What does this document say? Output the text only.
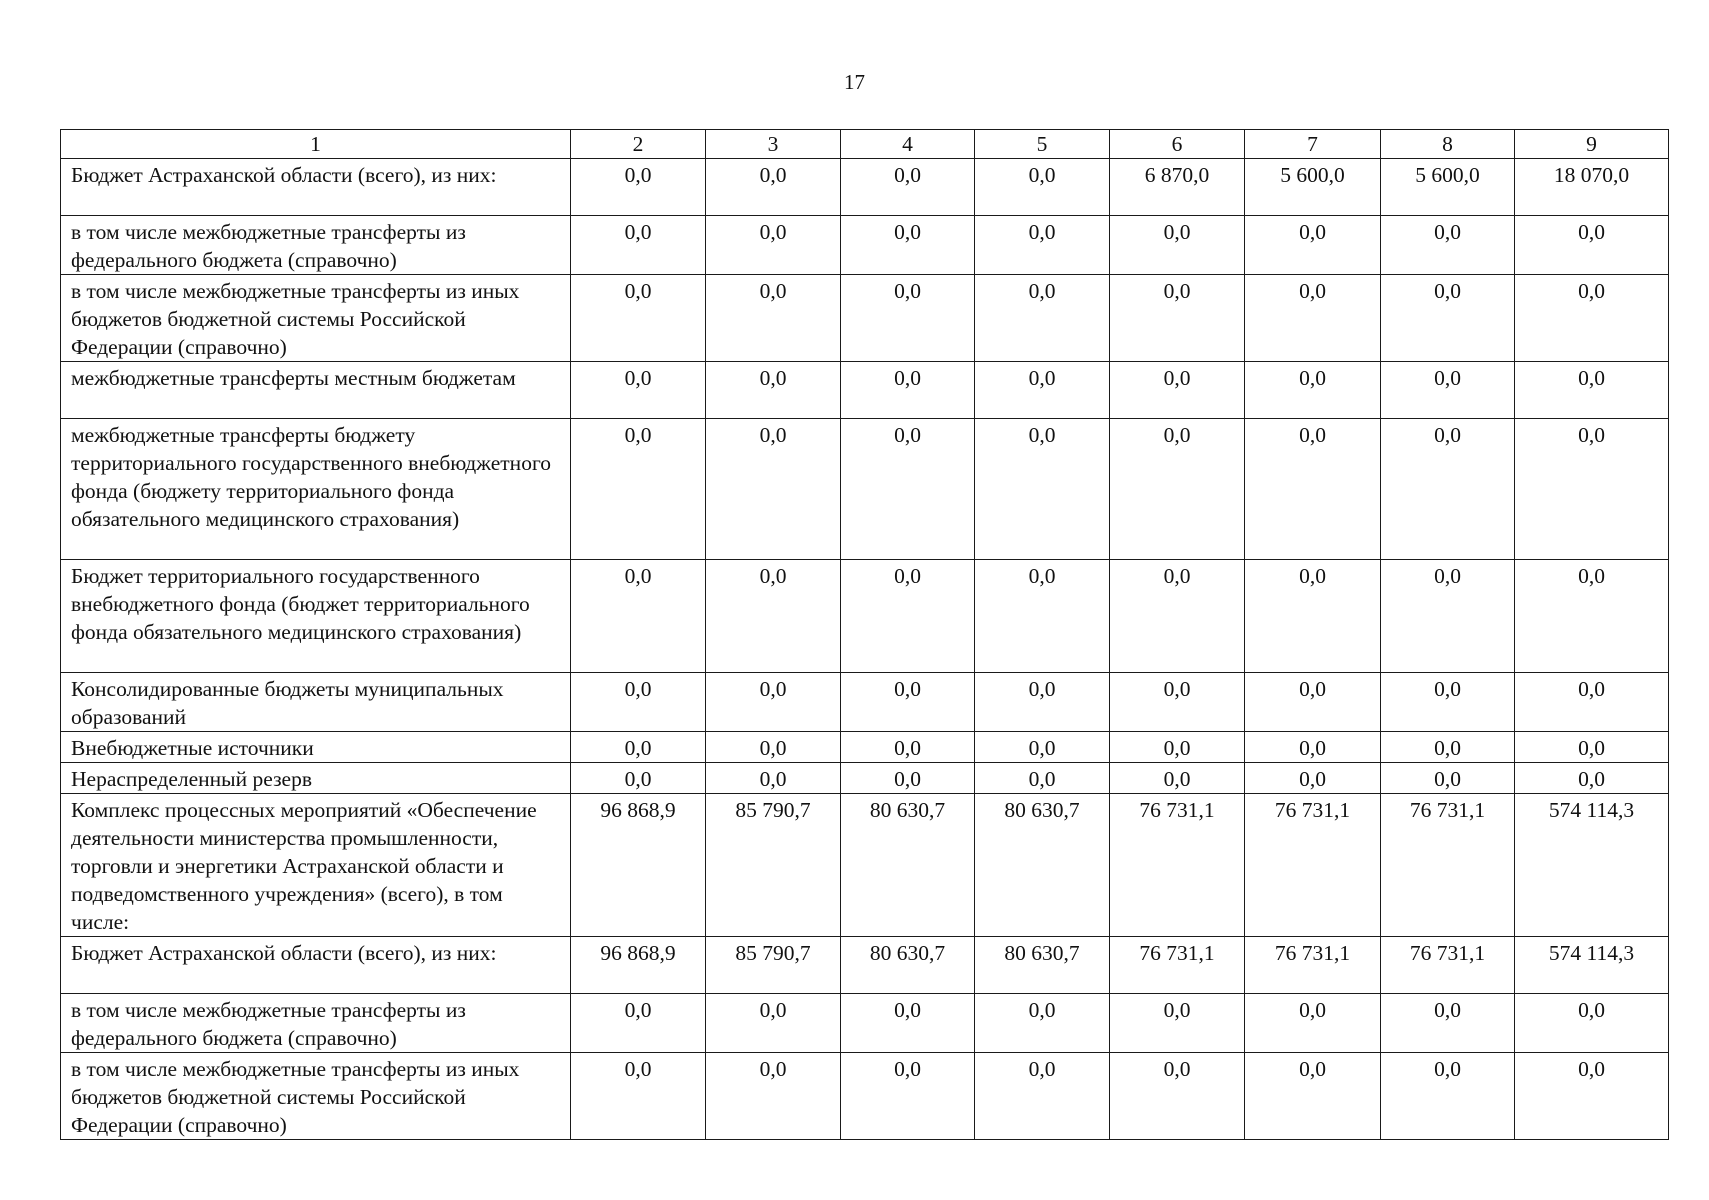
17
1	2	3	4	5	6	7	8	9
Бюджет Астраханской области (всего), из них:	0,0	0,0	0,0	0,0	6 870,0	5 600,0	5 600,0	18 070,0
в том числе межбюджетные трансферты из федерального бюджета (справочно)	0,0	0,0	0,0	0,0	0,0	0,0	0,0	0,0
в том числе межбюджетные трансферты из иных бюджетов бюджетной системы Российской Федерации (справочно)	0,0	0,0	0,0	0,0	0,0	0,0	0,0	0,0
межбюджетные трансферты местным бюджетам	0,0	0,0	0,0	0,0	0,0	0,0	0,0	0,0
межбюджетные трансферты бюджету территориального государственного внебюджетного фонда (бюджету территориального фонда обязательного медицинского страхования)	0,0	0,0	0,0	0,0	0,0	0,0	0,0	0,0
Бюджет территориального государственного внебюджетного фонда (бюджет территориального фонда обязательного медицинского страхования)	0,0	0,0	0,0	0,0	0,0	0,0	0,0	0,0
Консолидированные бюджеты муниципальных образований	0,0	0,0	0,0	0,0	0,0	0,0	0,0	0,0
Внебюджетные источники	0,0	0,0	0,0	0,0	0,0	0,0	0,0	0,0
Нераспределенный резерв	0,0	0,0	0,0	0,0	0,0	0,0	0,0	0,0
Комплекс процессных мероприятий «Обеспечение деятельности министерства промышленности, торговли и энергетики Астраханской области и подведомственного учреждения» (всего), в том числе:	96 868,9	85 790,7	80 630,7	80 630,7	76 731,1	76 731,1	76 731,1	574 114,3
Бюджет Астраханской области (всего), из них:	96 868,9	85 790,7	80 630,7	80 630,7	76 731,1	76 731,1	76 731,1	574 114,3
в том числе межбюджетные трансферты из федерального бюджета (справочно)	0,0	0,0	0,0	0,0	0,0	0,0	0,0	0,0
в том числе межбюджетные трансферты из иных бюджетов бюджетной системы Российской Федерации (справочно)	0,0	0,0	0,0	0,0	0,0	0,0	0,0	0,0
